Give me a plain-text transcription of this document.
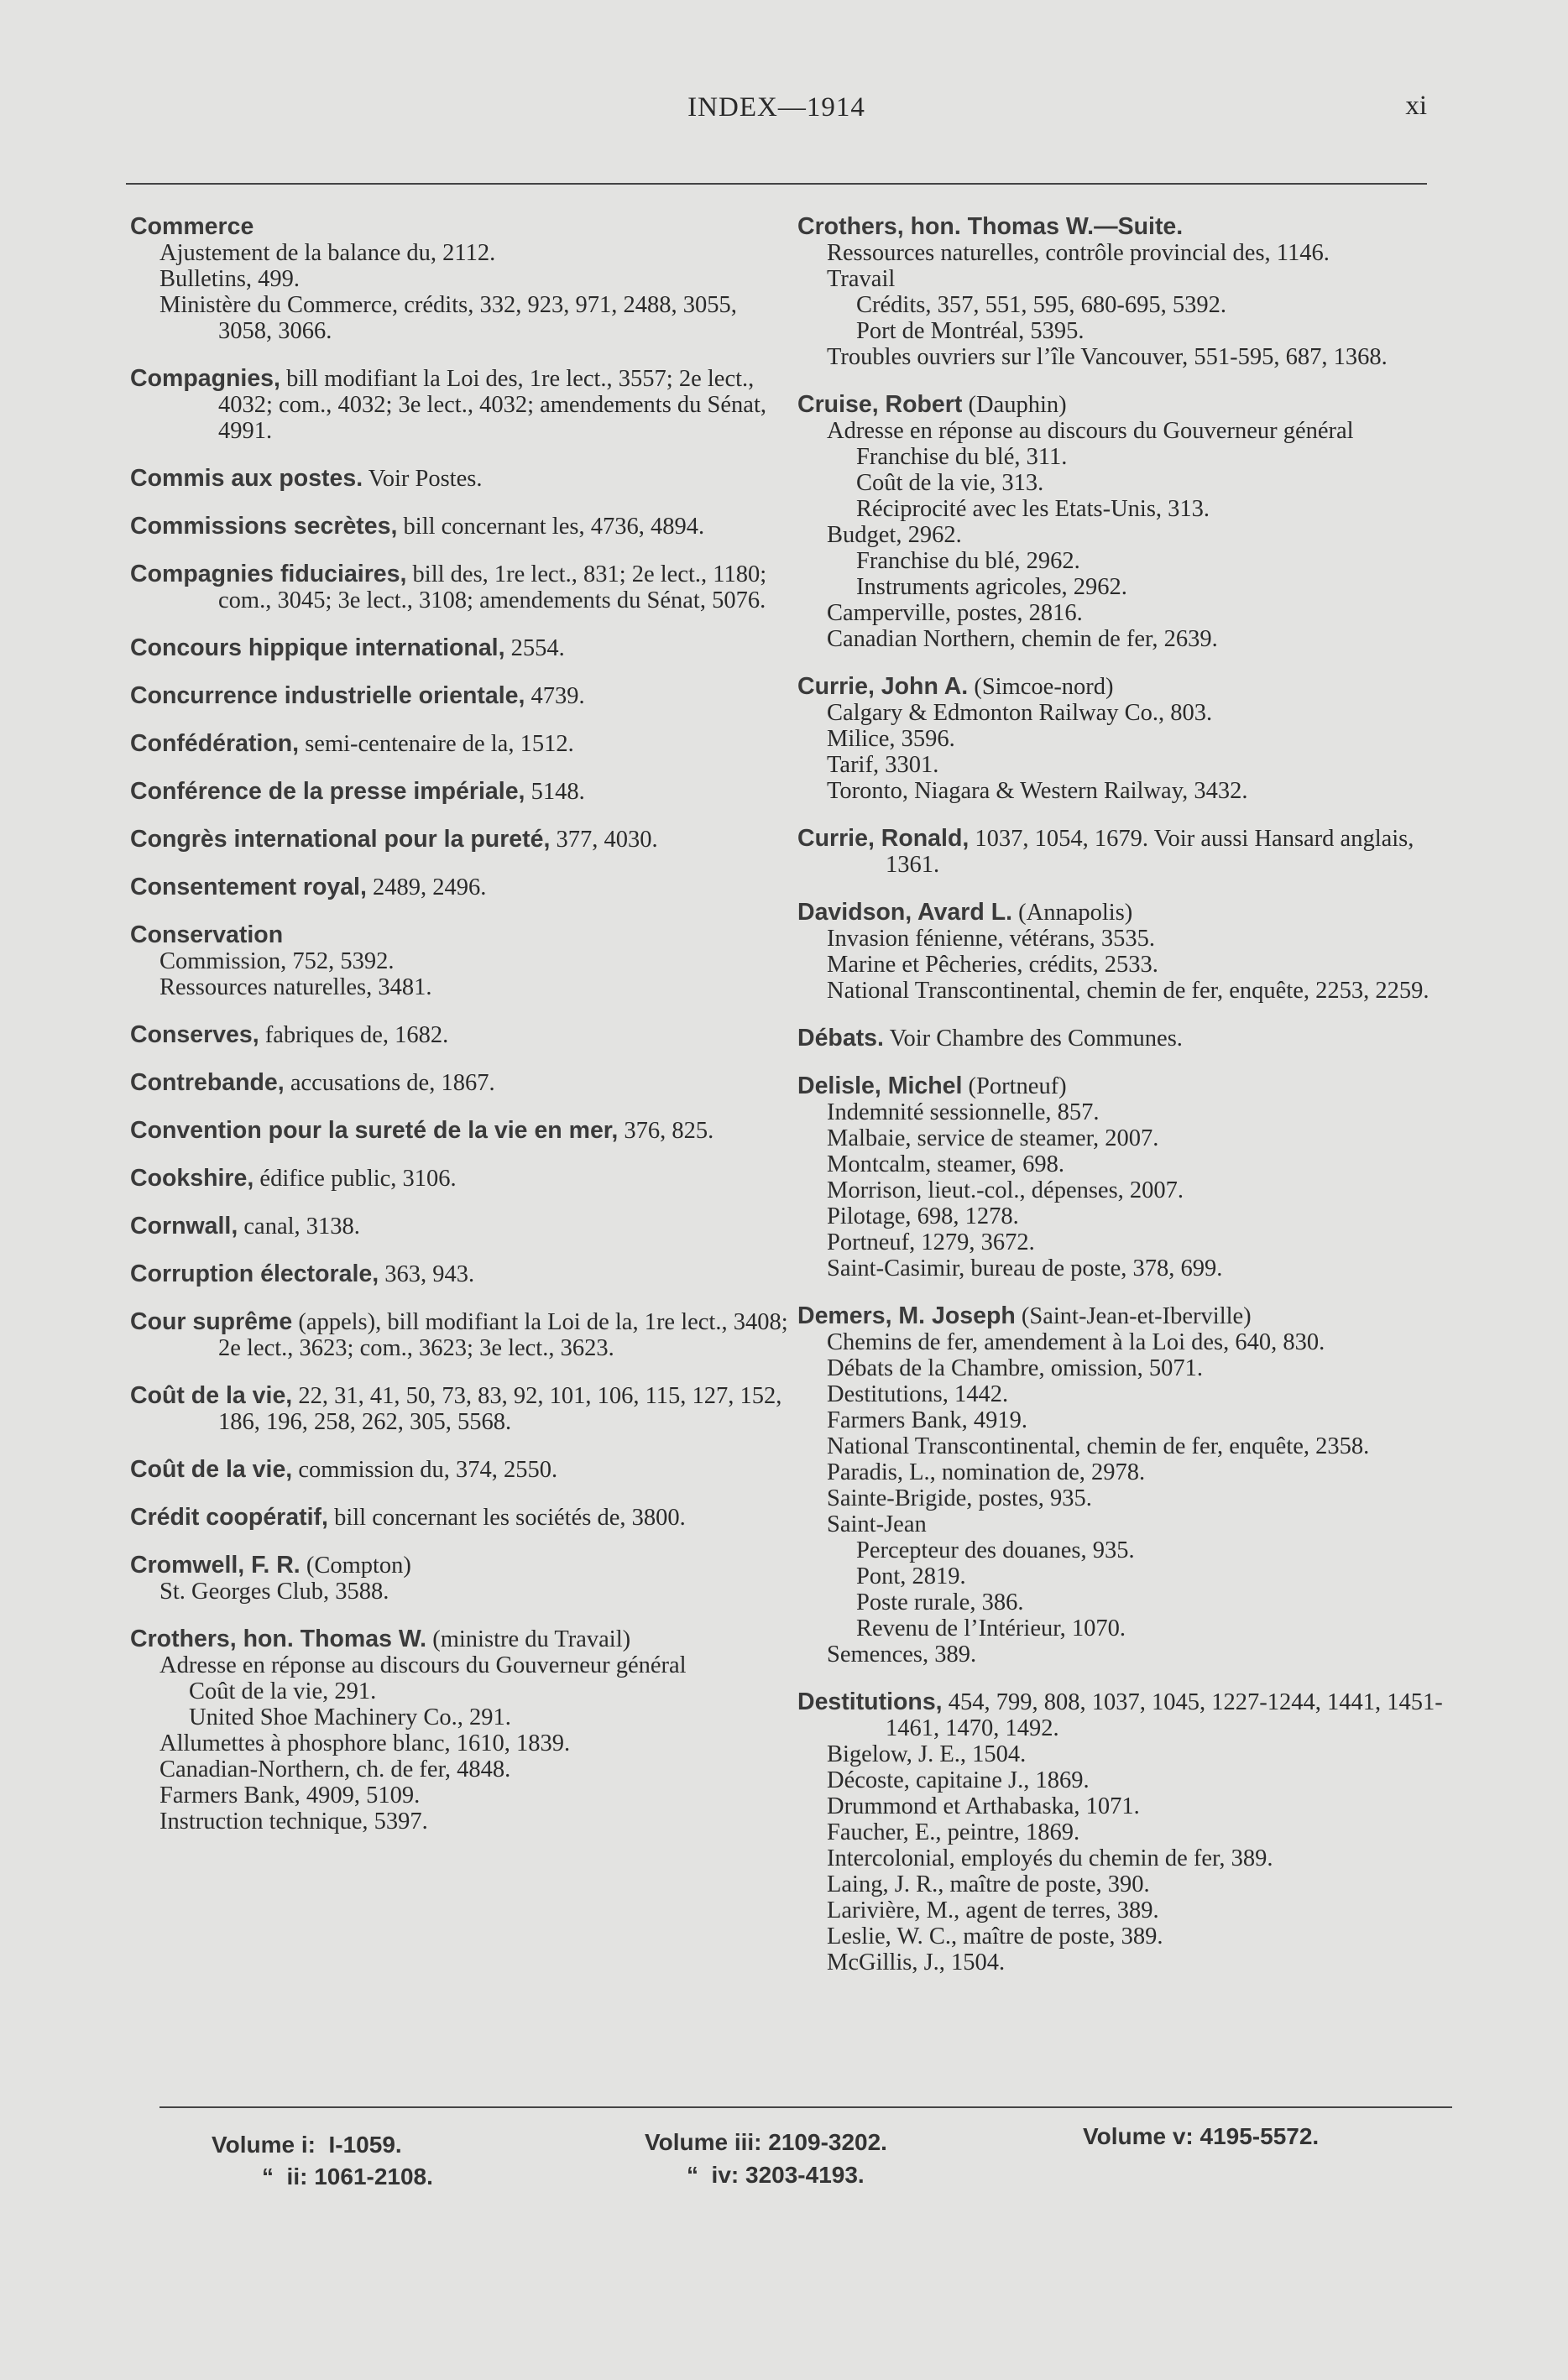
INDEX—1914	xi
Commerce
Ajustement de la balance du, 2112.
Bulletins, 499.
Ministère du Commerce, crédits, 332, 923, 971, 2488, 3055, 3058, 3066.
Compagnies, bill modifiant la Loi des, 1re lect., 3557; 2e lect., 4032; com., 4032; 3e lect., 4032; amendements du Sénat, 4991.
Commis aux postes. Voir Postes.
Commissions secrètes, bill concernant les, 4736, 4894.
Compagnies fiduciaires, bill des, 1re lect., 831; 2e lect., 1180; com., 3045; 3e lect., 3108; amendements du Sénat, 5076.
Concours hippique international, 2554.
Concurrence industrielle orientale, 4739.
Confédération, semi-centenaire de la, 1512.
Conférence de la presse impériale, 5148.
Congrès international pour la pureté, 377, 4030.
Consentement royal, 2489, 2496.
Conservation
Commission, 752, 5392.
Ressources naturelles, 3481.
Conserves, fabriques de, 1682.
Contrebande, accusations de, 1867.
Convention pour la sureté de la vie en mer, 376, 825.
Cookshire, édifice public, 3106.
Cornwall, canal, 3138.
Corruption électorale, 363, 943.
Cour suprême (appels), bill modifiant la Loi de la, 1re lect., 3408; 2e lect., 3623; com., 3623; 3e lect., 3623.
Coût de la vie, 22, 31, 41, 50, 73, 83, 92, 101, 106, 115, 127, 152, 186, 196, 258, 262, 305, 5568.
Coût de la vie, commission du, 374, 2550.
Crédit coopératif, bill concernant les sociétés de, 3800.
Cromwell, F. R. (Compton)
St. Georges Club, 3588.
Crothers, hon. Thomas W. (ministre du Travail)
Adresse en réponse au discours du Gouverneur général
Coût de la vie, 291.
United Shoe Machinery Co., 291.
Allumettes à phosphore blanc, 1610, 1839.
Canadian-Northern, ch. de fer, 4848.
Farmers Bank, 4909, 5109.
Instruction technique, 5397.
Crothers, hon. Thomas W.—Suite.
Ressources naturelles, contrôle provincial des, 1146.
Travail
Crédits, 357, 551, 595, 680-695, 5392.
Port de Montréal, 5395.
Troubles ouvriers sur l’île Vancouver, 551-595, 687, 1368.
Cruise, Robert (Dauphin)
Adresse en réponse au discours du Gouverneur général
Franchise du blé, 311.
Coût de la vie, 313.
Réciprocité avec les Etats-Unis, 313.
Budget, 2962.
Franchise du blé, 2962.
Instruments agricoles, 2962.
Camperville, postes, 2816.
Canadian Northern, chemin de fer, 2639.
Currie, John A. (Simcoe-nord)
Calgary & Edmonton Railway Co., 803.
Milice, 3596.
Tarif, 3301.
Toronto, Niagara & Western Railway, 3432.
Currie, Ronald, 1037, 1054, 1679. Voir aussi Hansard anglais, 1361.
Davidson, Avard L. (Annapolis)
Invasion fénienne, vétérans, 3535.
Marine et Pêcheries, crédits, 2533.
National Transcontinental, chemin de fer, enquête, 2253, 2259.
Débats. Voir Chambre des Communes.
Delisle, Michel (Portneuf)
Indemnité sessionnelle, 857.
Malbaie, service de steamer, 2007.
Montcalm, steamer, 698.
Morrison, lieut.-col., dépenses, 2007.
Pilotage, 698, 1278.
Portneuf, 1279, 3672.
Saint-Casimir, bureau de poste, 378, 699.
Demers, M. Joseph (Saint-Jean-et-Iberville)
Chemins de fer, amendement à la Loi des, 640, 830.
Débats de la Chambre, omission, 5071.
Destitutions, 1442.
Farmers Bank, 4919.
National Transcontinental, chemin de fer, enquête, 2358.
Paradis, L., nomination de, 2978.
Sainte-Brigide, postes, 935.
Saint-Jean
Percepteur des douanes, 935.
Pont, 2819.
Poste rurale, 386.
Revenu de l’Intérieur, 1070.
Semences, 389.
Destitutions, 454, 799, 808, 1037, 1045, 1227-1244, 1441, 1451-1461, 1470, 1492.
Bigelow, J. E., 1504.
Décoste, capitaine J., 1869.
Drummond et Arthabaska, 1071.
Faucher, E., peintre, 1869.
Intercolonial, employés du chemin de fer, 389.
Laing, J. R., maître de poste, 390.
Larivière, M., agent de terres, 389.
Leslie, W. C., maître de poste, 389.
McGillis, J., 1504.
Volume i:  I-1059.
“  ii: 1061-2108.
Volume iii: 2109-3202.
“  iv: 3203-4193.
Volume v: 4195-5572.
